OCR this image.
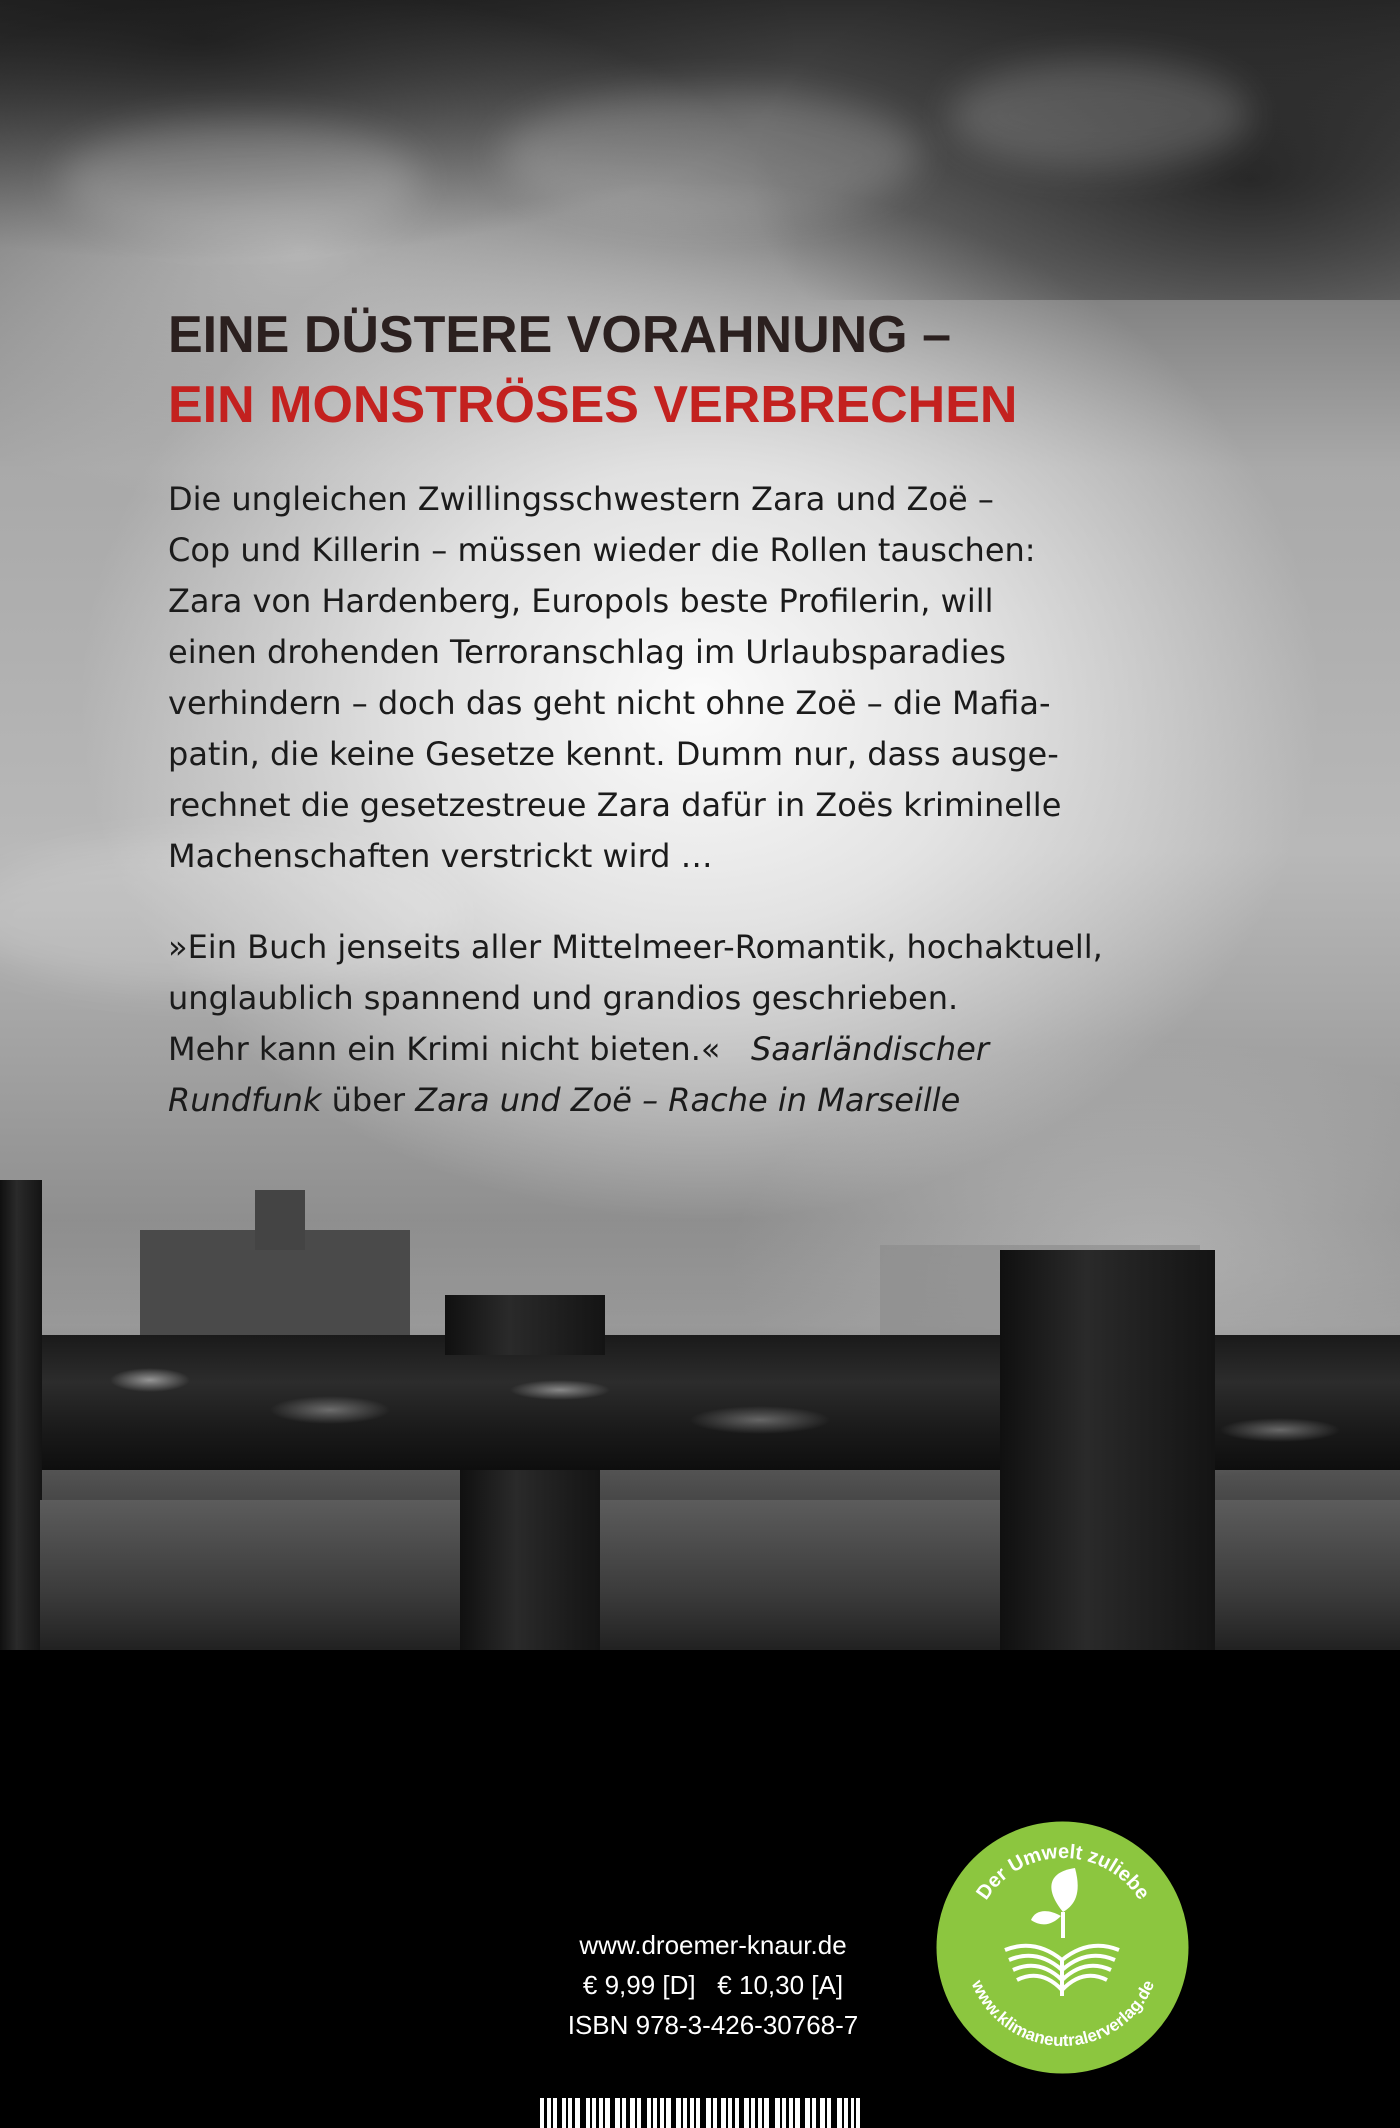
EINE DÜSTERE VORAHNUNG –
EIN MONSTRÖSES VERBRECHEN

Die ungleichen Zwillingsschwestern Zara und Zoë –
Cop und Killerin – müssen wieder die Rollen tauschen:
Zara von Hardenberg, Europols beste Profilerin, will
einen drohenden Terroranschlag im Urlaubsparadies
verhindern – doch das geht nicht ohne Zoë – die Mafia-
patin, die keine Gesetze kennt. Dumm nur, dass ausge-
rechnet die gesetzestreue Zara dafür in Zoës kriminelle
Machenschaften verstrickt wird …

»Ein Buch jenseits aller Mittelmeer-Romantik, hochaktuell,
unglaublich spannend und grandios geschrieben.
Mehr kann ein Krimi nicht bieten.« Saarländischer
Rundfunk über Zara und Zoë – Rache in Marseille

www.droemer-knaur.de
€ 9,99 [D]   € 10,30 [A]
ISBN 978-3-426-30768-7
Der Umwelt zuliebe
www.klimaneutralerverlag.de
